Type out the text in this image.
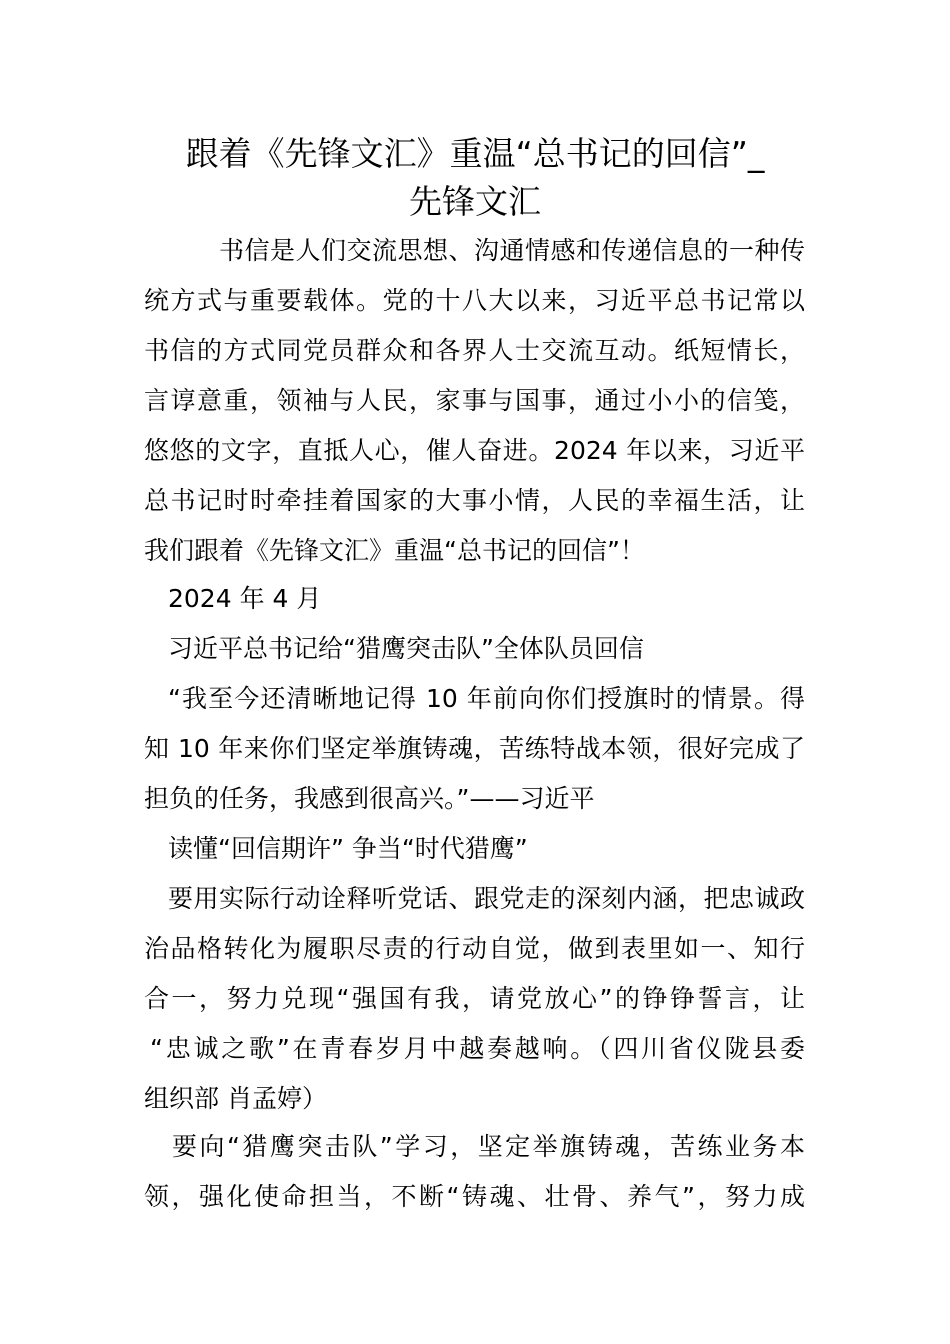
跟着《先锋文汇》重温“总书记的回信”_
先锋文汇

书信是人们交流思想、沟通情感和传递信息的一种传

统方式与重要载体。党的十八大以来，习近平总书记常以

书信的方式同党员群众和各界人士交流互动。纸短情长，

言谆意重，领袖与人民，家事与国事，通过小小的信笺，

悠悠的文字，直抵人心，催人奋进。2024 年以来，习近平

总书记时时牵挂着国家的大事小情，人民的幸福生活，让

我们跟着《先锋文汇》重温“总书记的回信”！

2024 年 4 月

习近平总书记给“猎鹰突击队”全体队员回信

“我至今还清晰地记得 10 年前向你们授旗时的情景。得

知 10 年来你们坚定举旗铸魂，苦练特战本领，很好完成了

担负的任务，我感到很高兴。”——习近平

读懂“回信期许” 争当“时代猎鹰”

要用实际行动诠释听党话、跟党走的深刻内涵，把忠诚政

治品格转化为履职尽责的行动自觉，做到表里如一、知行

合一，努力兑现“强国有我，请党放心”的铮铮誓言，让

“忠诚之歌”在青春岁月中越奏越响。（四川省仪陇县委

组织部 肖孟婷）

要向“猎鹰突击队”学习，坚定举旗铸魂，苦练业务本

领，强化使命担当，不断“铸魂、壮骨、养气”，努力成
